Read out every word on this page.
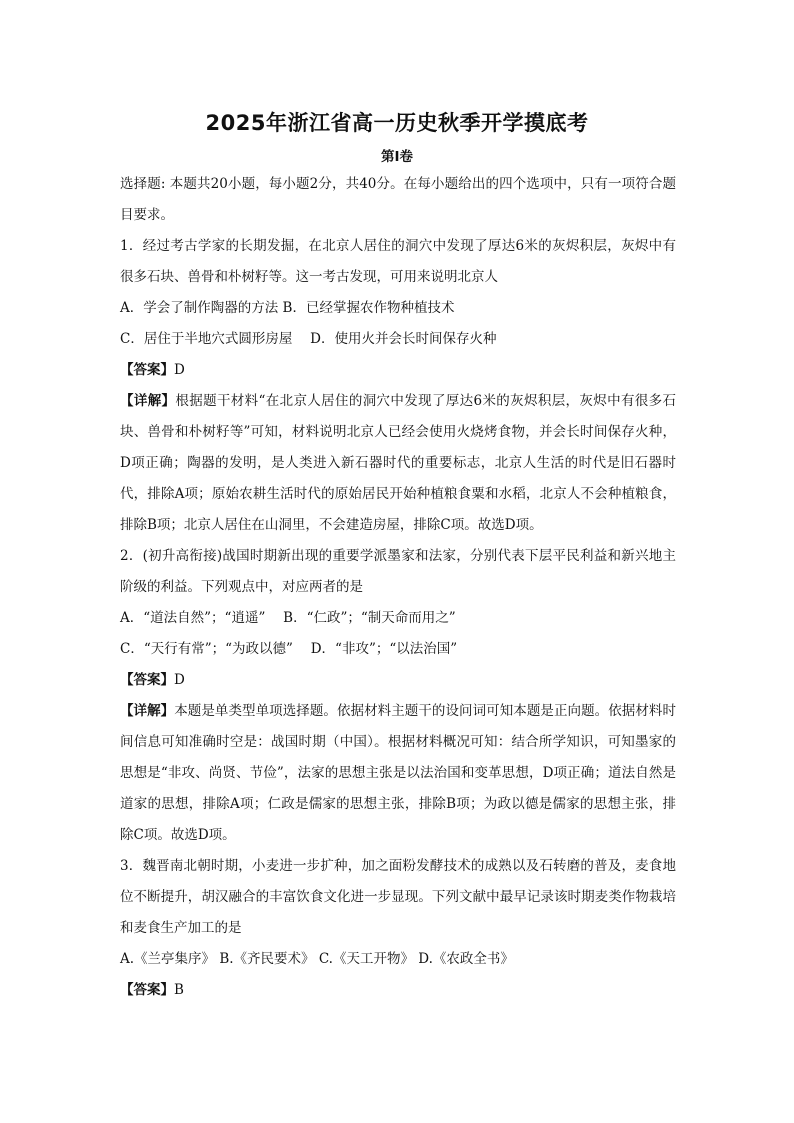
2025年浙江省高一历史秋季开学摸底考
第Ⅰ卷

选择题: 本题共20小题，每小题2分，共40分。在每小题给出的四个选项中，只有一项符合题目要求。

1．经过考古学家的长期发掘，在北京人居住的洞穴中发现了厚达6米的灰烬积层，灰烬中有很多石块、兽骨和朴树籽等。这一考古发现，可用来说明北京人

A．学会了制作陶器的方法 B．已经掌握农作物种植技术

C．居住于半地穴式圆形房屋　 D．使用火并会长时间保存火种

【答案】D

【详解】根据题干材料“在北京人居住的洞穴中发现了厚达6米的灰烬积层，灰烬中有很多石块、兽骨和朴树籽等”可知，材料说明北京人已经会使用火烧烤食物，并会长时间保存火种，D项正确；陶器的发明，是人类进入新石器时代的重要标志，北京人生活的时代是旧石器时代，排除A项；原始农耕生活时代的原始居民开始种植粮食粟和水稻，北京人不会种植粮食，排除B项；北京人居住在山洞里，不会建造房屋，排除C项。故选D项。

2．(初升高衔接)战国时期新出现的重要学派墨家和法家，分别代表下层平民利益和新兴地主阶级的利益。下列观点中，对应两者的是

A．“道法自然”；“逍遥”　 B．“仁政”；“制天命而用之”

C．“天行有常”；“为政以德”　 D．“非攻”；“以法治国”

【答案】D

【详解】本题是单类型单项选择题。依据材料主题干的设问词可知本题是正向题。依据材料时间信息可知准确时空是：战国时期（中国）。根据材料概况可知：结合所学知识，可知墨家的思想是“非攻、尚贤、节俭”，法家的思想主张是以法治国和变革思想，D项正确；道法自然是道家的思想，排除A项；仁政是儒家的思想主张，排除B项；为政以德是儒家的思想主张，排除C项。故选D项。

3．魏晋南北朝时期，小麦进一步扩种，加之面粉发酵技术的成熟以及石转磨的普及，麦食地位不断提升，胡汉融合的丰富饮食文化进一步显现。下列文献中最早记录该时期麦类作物栽培和麦食生产加工的是

A.《兰亭集序》 B.《齐民要术》 C.《天工开物》 D.《农政全书》

【答案】B
